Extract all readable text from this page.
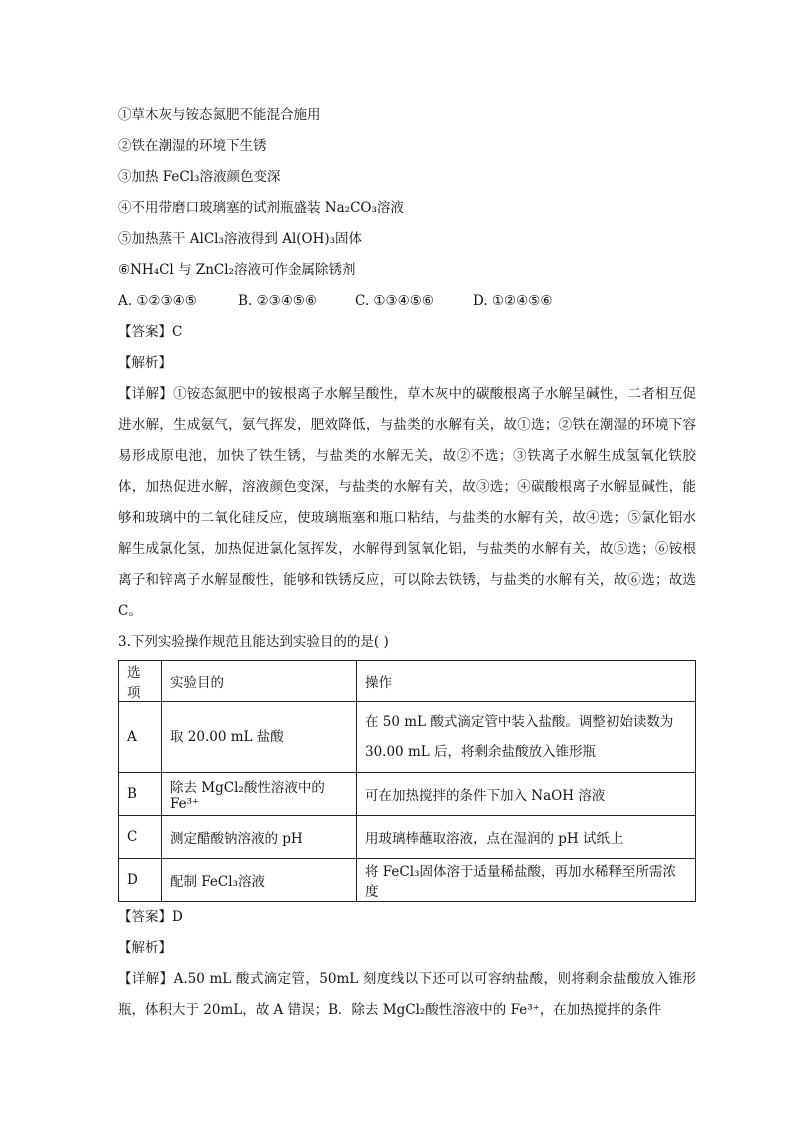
①草木灰与铵态氮肥不能混合施用
②铁在潮湿的环境下生锈
③加热 FeCl₃溶液颜色变深
④不用带磨口玻璃塞的试剂瓶盛装 Na₂CO₃溶液
⑤加热蒸干 AlCl₃溶液得到 Al(OH)₃固体
⑥NH₄Cl 与 ZnCl₂溶液可作金属除锈剂
A. ①②③④⑤	B. ②③④⑤⑥	C. ①③④⑤⑥	D. ①②④⑤⑥
【答案】C
【解析】

【详解】①铵态氮肥中的铵根离子水解呈酸性，草木灰中的碳酸根离子水解呈碱性，二者相互促进水解，生成氨气，氨气挥发，肥效降低，与盐类的水解有关，故①选；②铁在潮湿的环境下容易形成原电池，加快了铁生锈，与盐类的水解无关，故②不选；③铁离子水解生成氢氧化铁胶体，加热促进水解，溶液颜色变深，与盐类的水解有关，故③选；④碳酸根离子水解显碱性，能够和玻璃中的二氧化硅反应，使玻璃瓶塞和瓶口粘结，与盐类的水解有关，故④选；⑤氯化铝水解生成氯化氢，加热促进氯化氢挥发，水解得到氢氧化铝，与盐类的水解有关，故⑤选；⑥铵根离子和锌离子水解显酸性，能够和铁锈反应，可以除去铁锈，与盐类的水解有关，故⑥选；故选 C。

3.下列实验操作规范且能达到实验目的的是( )
选项	实验目的	操作
A	取 20.00 mL 盐酸	在 50 mL 酸式滴定管中装入盐酸。调整初始读数为 30.00 mL 后，将剩余盐酸放入锥形瓶
B	除去 MgCl₂酸性溶液中的 Fe³⁺	可在加热搅拌的条件下加入 NaOH 溶液
C	测定醋酸钠溶液的 pH	用玻璃棒蘸取溶液，点在湿润的 pH 试纸上
D	配制 FeCl₃溶液	将 FeCl₃固体溶于适量稀盐酸，再加水稀释至所需浓度
【答案】D
【解析】

【详解】A.50 mL 酸式滴定管，50mL 刻度线以下还可以可容纳盐酸，则将剩余盐酸放入锥形瓶，体积大于 20mL，故 A 错误；B．除去 MgCl₂酸性溶液中的 Fe³⁺，在加热搅拌的条件
